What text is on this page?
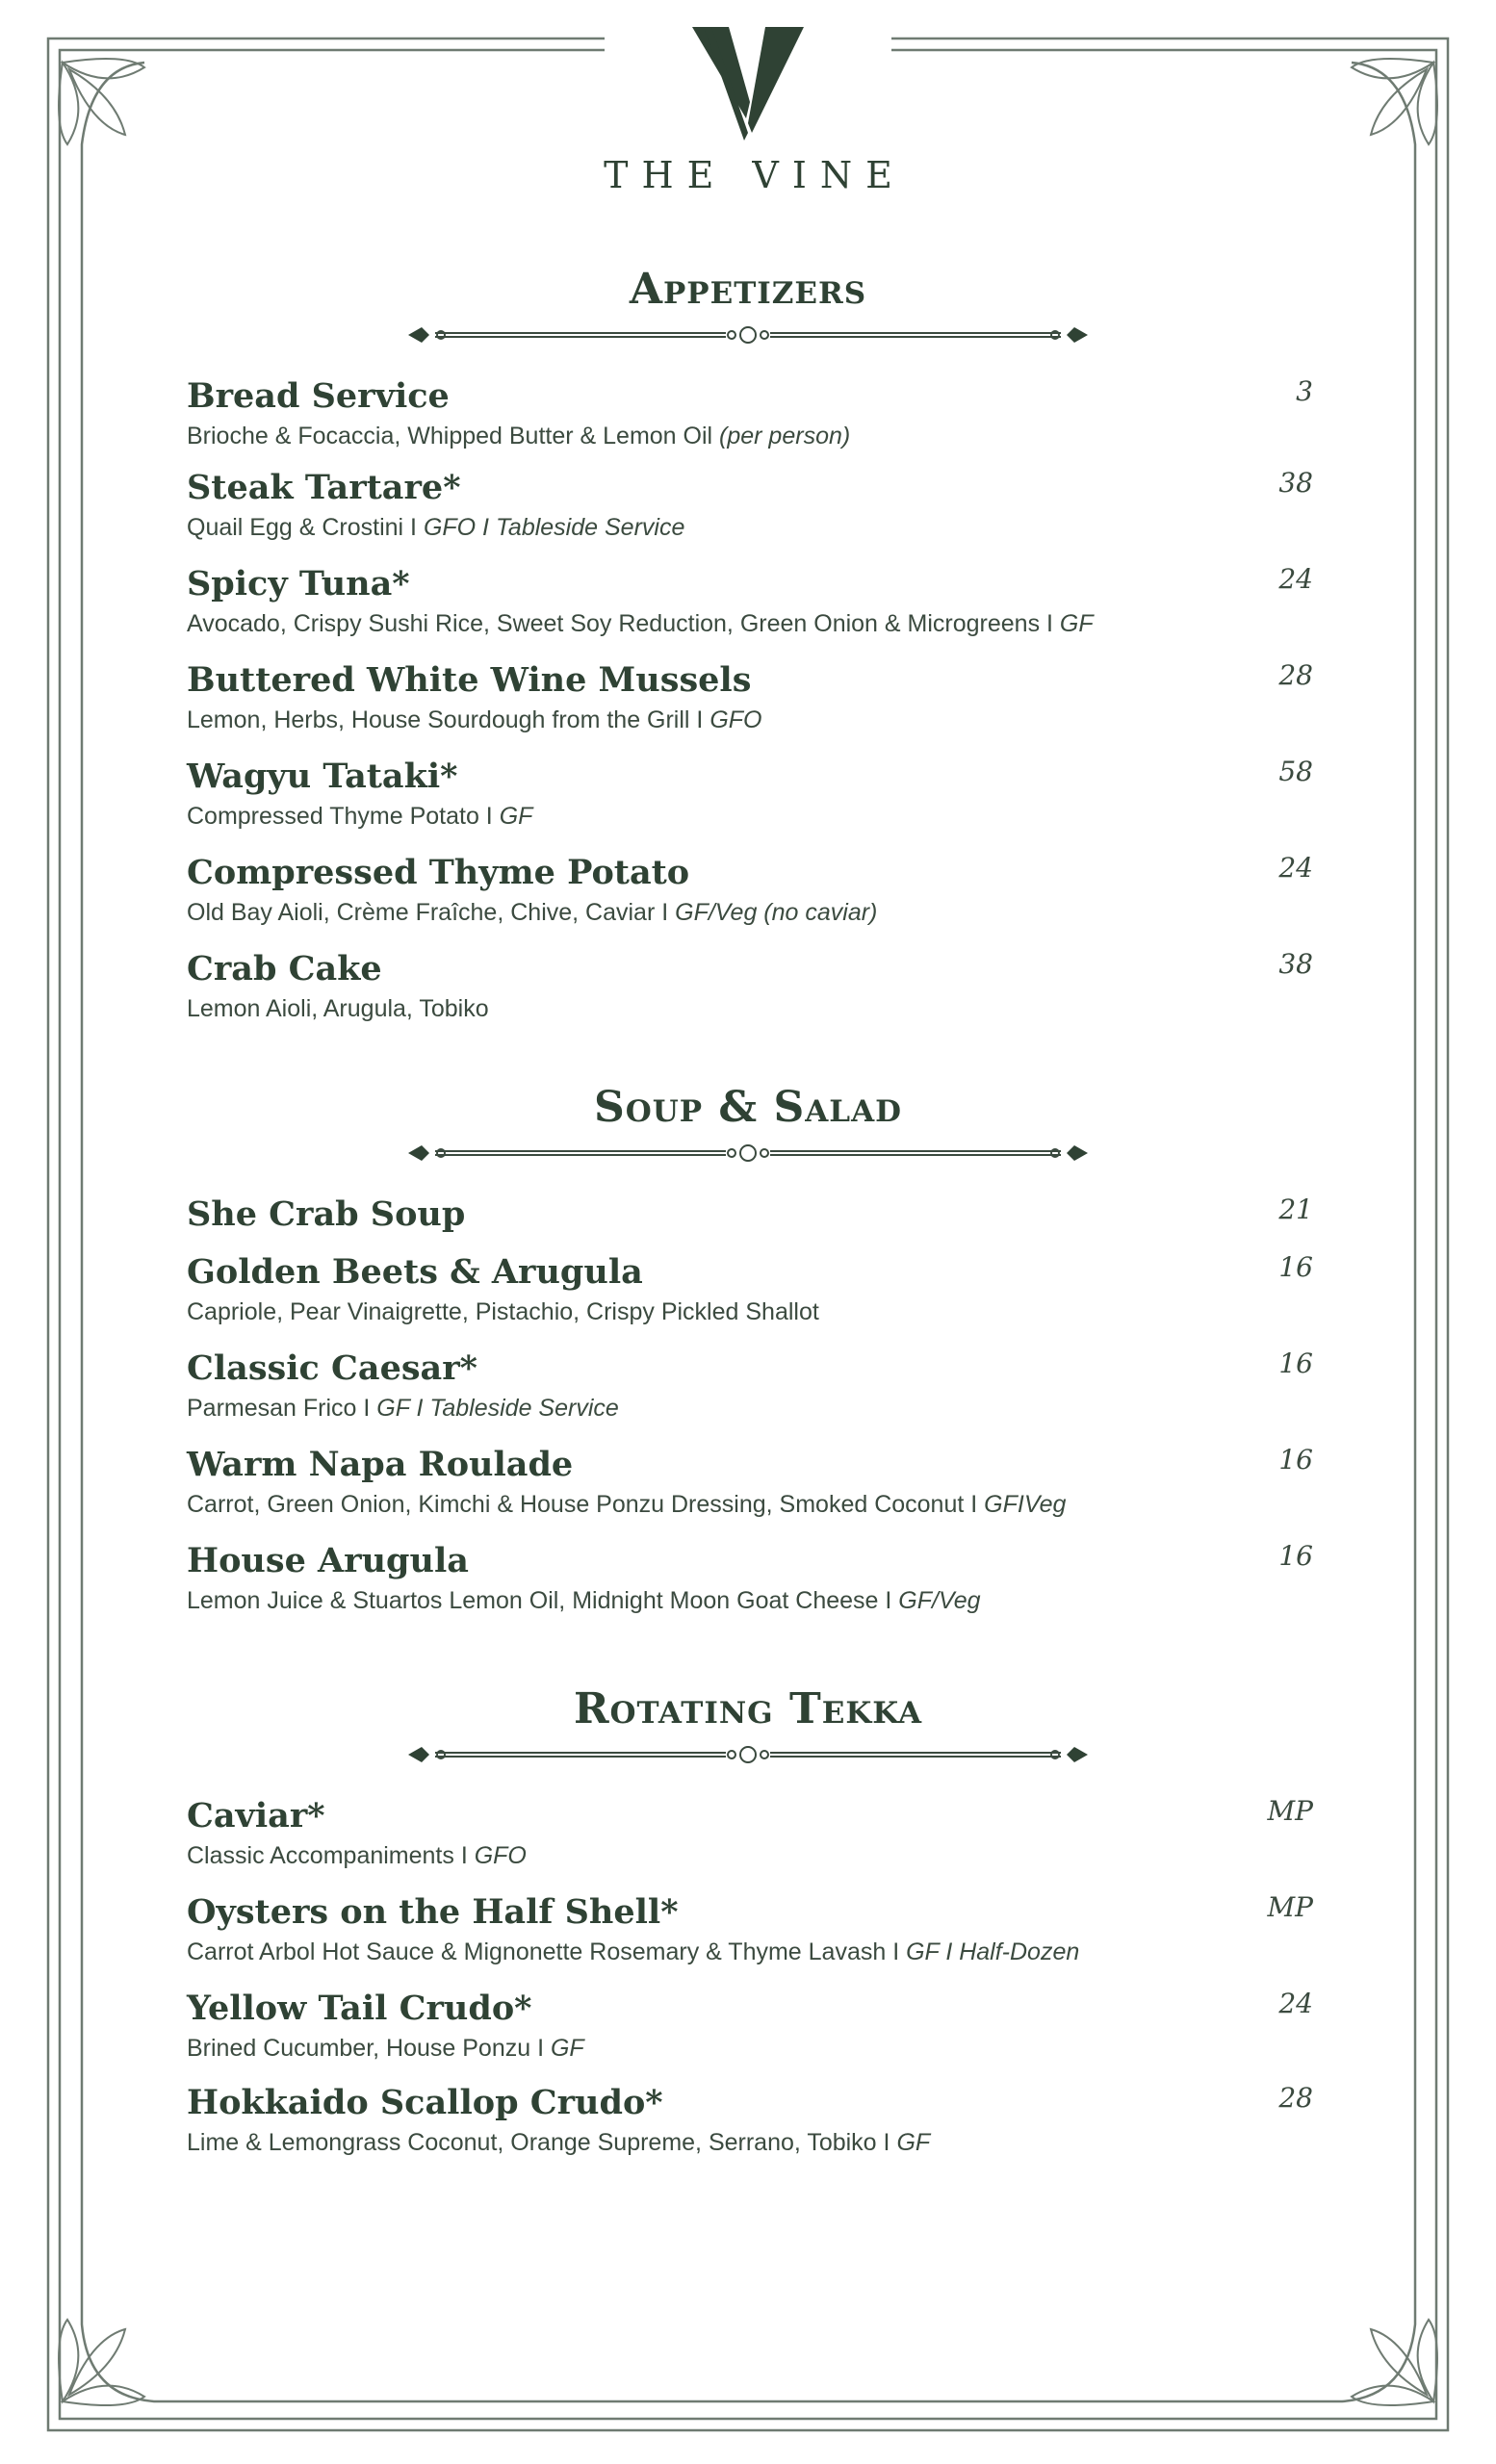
THE VINE
Appetizers
Bread Service
Brioche & Focaccia, Whipped Butter & Lemon Oil (per person)
3
Steak Tartare*
Quail Egg & Crostini I GFO I Tableside Service
38
Spicy Tuna*
Avocado, Crispy Sushi Rice, Sweet Soy Reduction, Green Onion & Microgreens I GF
24
Buttered White Wine Mussels
Lemon, Herbs, House Sourdough from the Grill I GFO
28
Wagyu Tataki*
Compressed Thyme Potato I GF
58
Compressed Thyme Potato
Old Bay Aioli, Crème Fraîche, Chive, Caviar I GF/Veg (no caviar)
24
Crab Cake
Lemon Aioli, Arugula, Tobiko
38
Soup & Salad
She Crab Soup	21
Golden Beets & Arugula
Capriole, Pear Vinaigrette, Pistachio, Crispy Pickled Shallot
16
Classic Caesar*
Parmesan Frico I GF I Tableside Service
16
Warm Napa Roulade
Carrot, Green Onion, Kimchi & House Ponzu Dressing, Smoked Coconut I GFIVeg
16
House Arugula
Lemon Juice & Stuartos Lemon Oil, Midnight Moon Goat Cheese I GF/Veg
16
Rotating Tekka
Caviar*
Classic Accompaniments I GFO
MP
Oysters on the Half Shell*
Carrot Arbol Hot Sauce & Mignonette Rosemary & Thyme Lavash I GF I Half-Dozen
MP
Yellow Tail Crudo*
Brined Cucumber, House Ponzu I GF
24
Hokkaido Scallop Crudo*
Lime & Lemongrass Coconut, Orange Supreme, Serrano, Tobiko I GF
28
